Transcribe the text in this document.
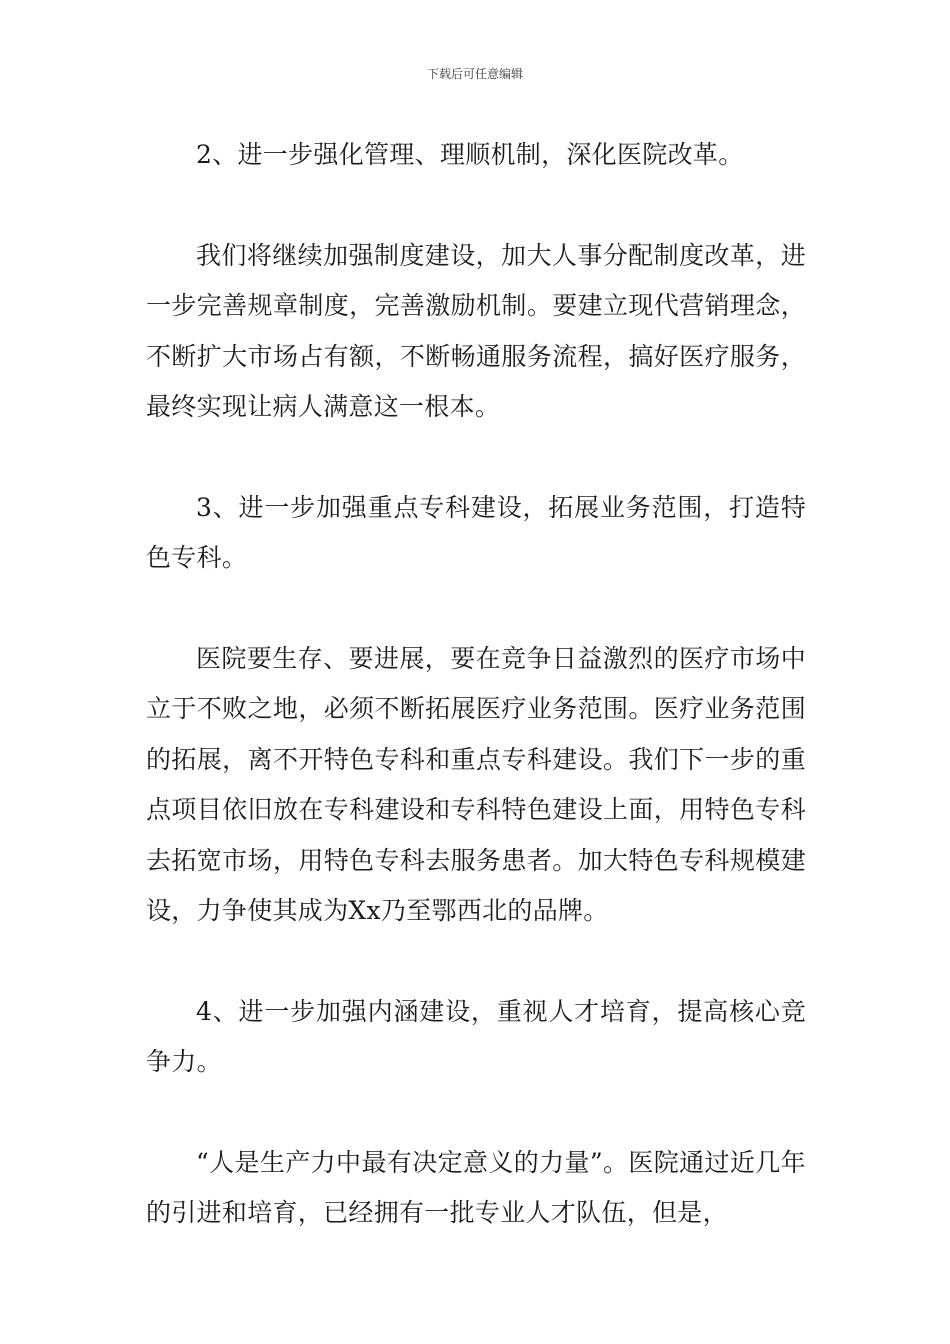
下载后可任意编辑

2、进一步强化管理、理顺机制，深化医院改革。

我们将继续加强制度建设，加大人事分配制度改革，进一步完善规章制度，完善激励机制。要建立现代营销理念，不断扩大市场占有额，不断畅通服务流程，搞好医疗服务，最终实现让病人满意这一根本。

3、进一步加强重点专科建设，拓展业务范围，打造特色专科。

医院要生存、要进展，要在竞争日益激烈的医疗市场中立于不败之地，必须不断拓展医疗业务范围。医疗业务范围的拓展，离不开特色专科和重点专科建设。我们下一步的重点项目依旧放在专科建设和专科特色建设上面，用特色专科去拓宽市场，用特色专科去服务患者。加大特色专科规模建设，力争使其成为Xx乃至鄂西北的品牌。

4、进一步加强内涵建设，重视人才培育，提高核心竞争力。

“人是生产力中最有决定意义的力量”。医院通过近几年的引进和培育，已经拥有一批专业人才队伍，但是，
